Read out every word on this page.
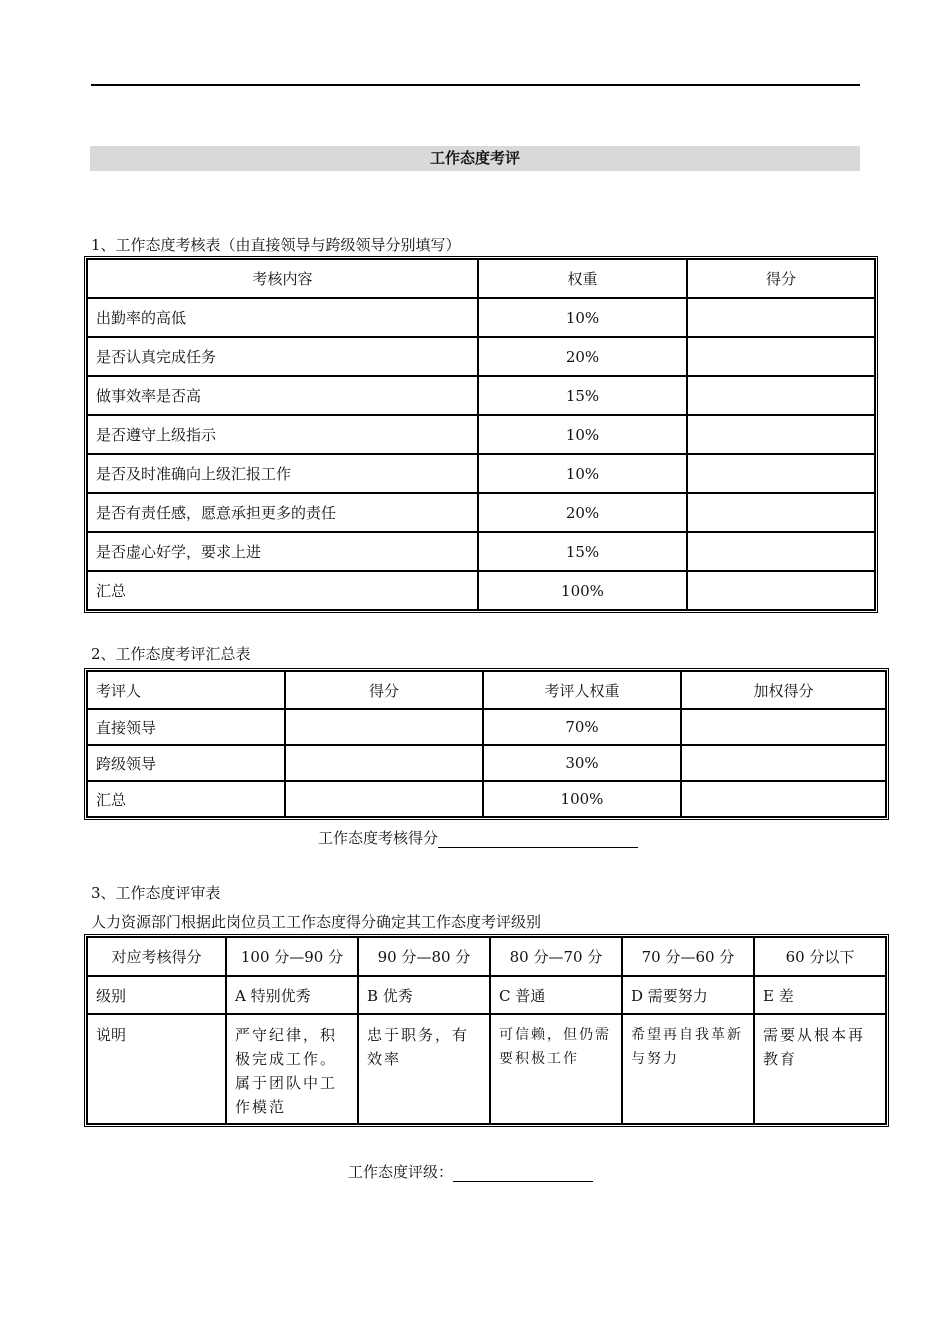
工作态度考评
1、工作态度考核表（由直接领导与跨级领导分别填写）
考核内容	权重	得分
出勤率的高低	10%	
是否认真完成任务	20%	
做事效率是否高	15%	
是否遵守上级指示	10%	
是否及时准确向上级汇报工作	10%	
是否有责任感，愿意承担更多的责任	20%	
是否虚心好学，要求上进	15%	
汇总	100%	
2、工作态度考评汇总表
考评人	得分	考评人权重	加权得分
直接领导		70%	
跨级领导		30%	
汇总		100%	
工作态度考核得分
3、工作态度评审表
人力资源部门根据此岗位员工工作态度得分确定其工作态度考评级别
对应考核得分	100 分—90 分	90 分—80 分	80 分—70 分	70 分—60 分	60 分以下
级别	A 特别优秀	B 优秀	C 普通	D 需要努力	E 差
说明	严守纪律，积极完成工作。属于团队中工作模范	忠于职务，有效率	可信赖，但仍需要积极工作	希望再自我革新与努力	需要从根本再教育
工作态度评级：
